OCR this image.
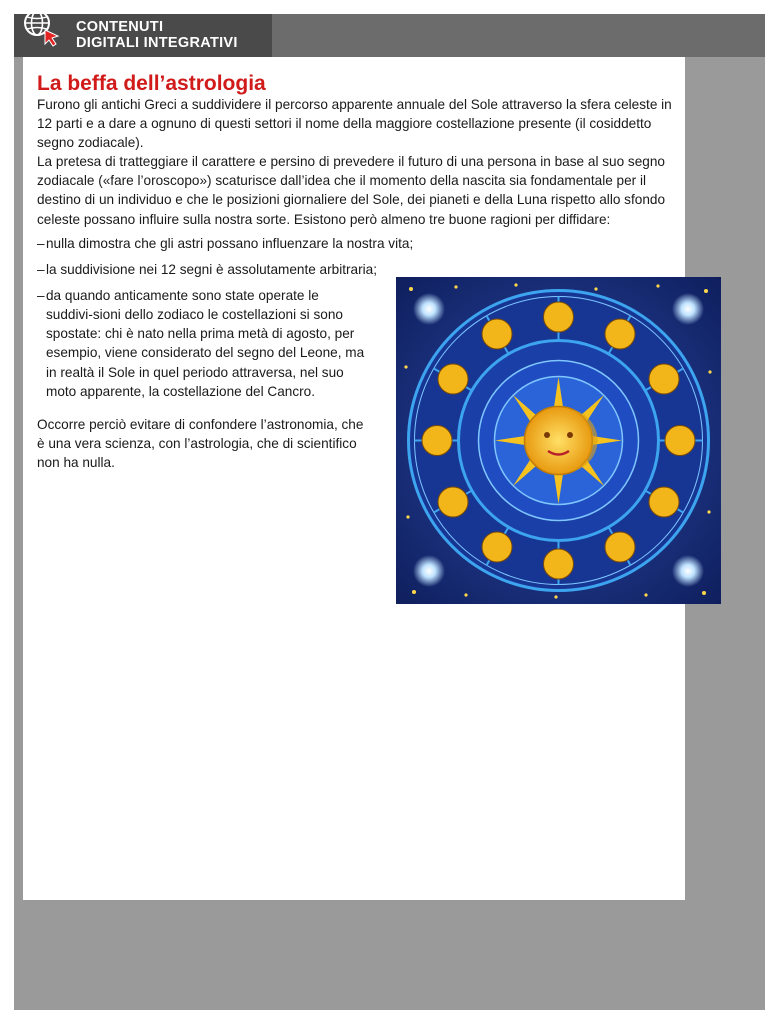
CONTENUTI
DIGITALI INTEGRATIVI
La beffa dell’astrologia

Furono gli antichi Greci a suddividere il percorso apparente annuale del Sole attraverso la sfera celeste in 12 parti e a dare a ognuno di questi settori il nome della maggiore costellazione presente (il cosiddetto segno zodiacale).

La pretesa di tratteggiare il carattere e persino di prevedere il futuro di una persona in base al suo segno zodiacale («fare l’oroscopo») scaturisce dall’idea che il momento della nascita sia fondamentale per il destino di un individuo e che le posizioni giornaliere del Sole, dei pianeti e della Luna rispetto allo sfondo celeste possano influire sulla nostra sorte. Esistono però almeno tre buone ragioni per diffidare:

– nulla dimostra che gli astri possano influenzare la nostra vita;
– la suddivisione nei 12 segni è assolutamente arbitraria;
– da quando anticamente sono state operate le suddivi-sioni dello zodiaco le costellazioni si sono spostate: chi è nato nella prima metà di agosto, per esempio, viene considerato del segno del Leone, ma in realtà il Sole in quel periodo attraversa, nel suo moto apparente, la costellazione del Cancro.

Occorre perciò evitare di confondere l’astronomia, che è una vera scienza, con l’astrologia, che di scientifico non ha nulla.
